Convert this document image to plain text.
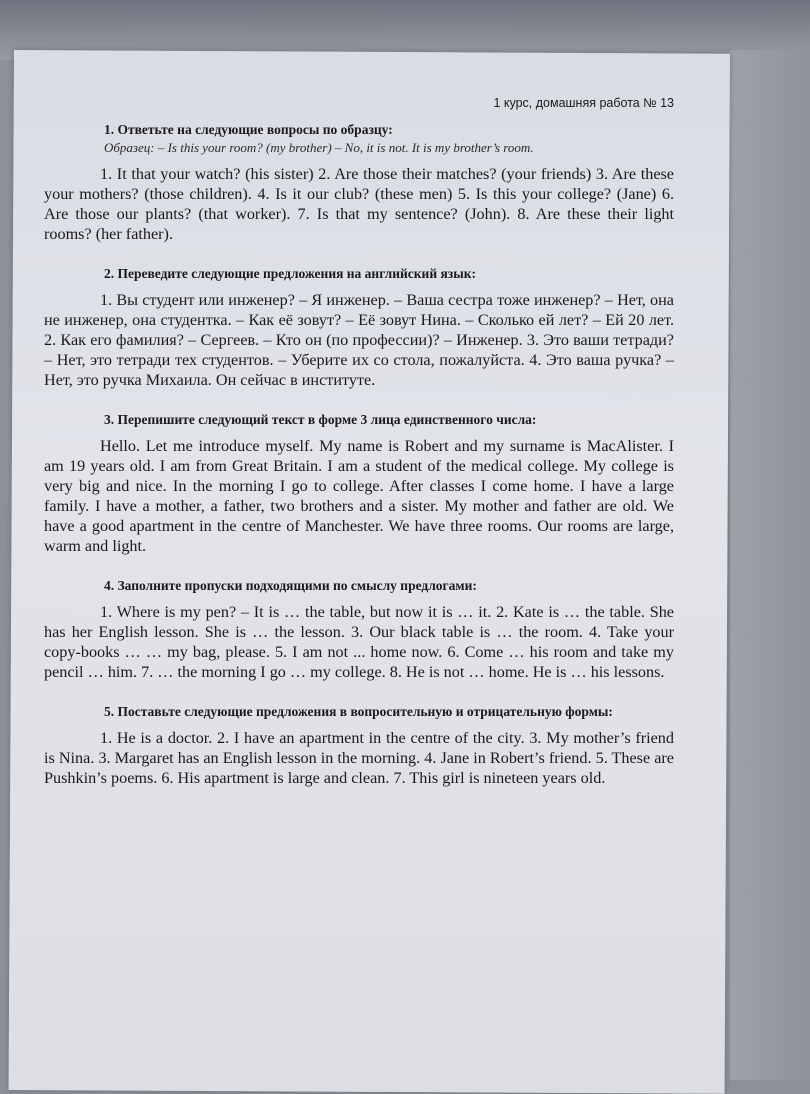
1 курс, домашняя работа № 13

1. Ответьте на следующие вопросы по образцу:

Образец: – Is this your room? (my brother) – No, it is not. It is my brother’s room.

1. It that your watch? (his sister) 2. Are those their matches? (your friends) 3. Are these your mothers? (those children). 4. Is it our club? (these men) 5. Is this your college? (Jane) 6. Are those our plants? (that worker). 7. Is that my sentence? (John). 8. Are these their light rooms? (her father).

2. Переведите следующие предложения на английский язык:

1. Вы студент или инженер? – Я инженер. – Ваша сестра тоже инженер? – Нет, она не инженер, она студентка. – Как её зовут? – Её зовут Нина. – Сколько ей лет? – Ей 20 лет. 2. Как его фамилия? – Сергеев. – Кто он (по профессии)? – Инженер. 3. Это ваши тетради? – Нет, это тетради тех студентов. – Уберите их со стола, пожалуйста. 4. Это ваша ручка? – Нет, это ручка Михаила. Он сейчас в институте.

3. Перепишите следующий текст в форме 3 лица единственного числа:

Hello. Let me introduce myself. My name is Robert and my surname is MacAlister. I am 19 years old. I am from Great Britain. I am a student of the medical college. My college is very big and nice. In the morning I go to college. After classes I come home. I have a large family. I have a mother, a father, two brothers and a sister. My mother and father are old. We have a good apartment in the centre of Manchester. We have three rooms. Our rooms are large, warm and light.

4. Заполните пропуски подходящими по смыслу предлогами:

1. Where is my pen? – It is … the table, but now it is … it. 2. Kate is … the table. She has her English lesson. She is … the lesson. 3. Our black table is … the room. 4. Take your copy-books … … my bag, please. 5. I am not ... home now. 6. Come … his room and take my pencil … him. 7. … the morning I go … my college. 8. He is not … home. He is … his lessons.

5. Поставьте следующие предложения в вопросительную и отрицательную формы:

1. He is a doctor. 2. I have an apartment in the centre of the city. 3. My mother’s friend is Nina. 3. Margaret has an English lesson in the morning. 4. Jane in Robert’s friend. 5. These are Pushkin’s poems. 6. His apartment is large and clean. 7. This girl is nineteen years old.
